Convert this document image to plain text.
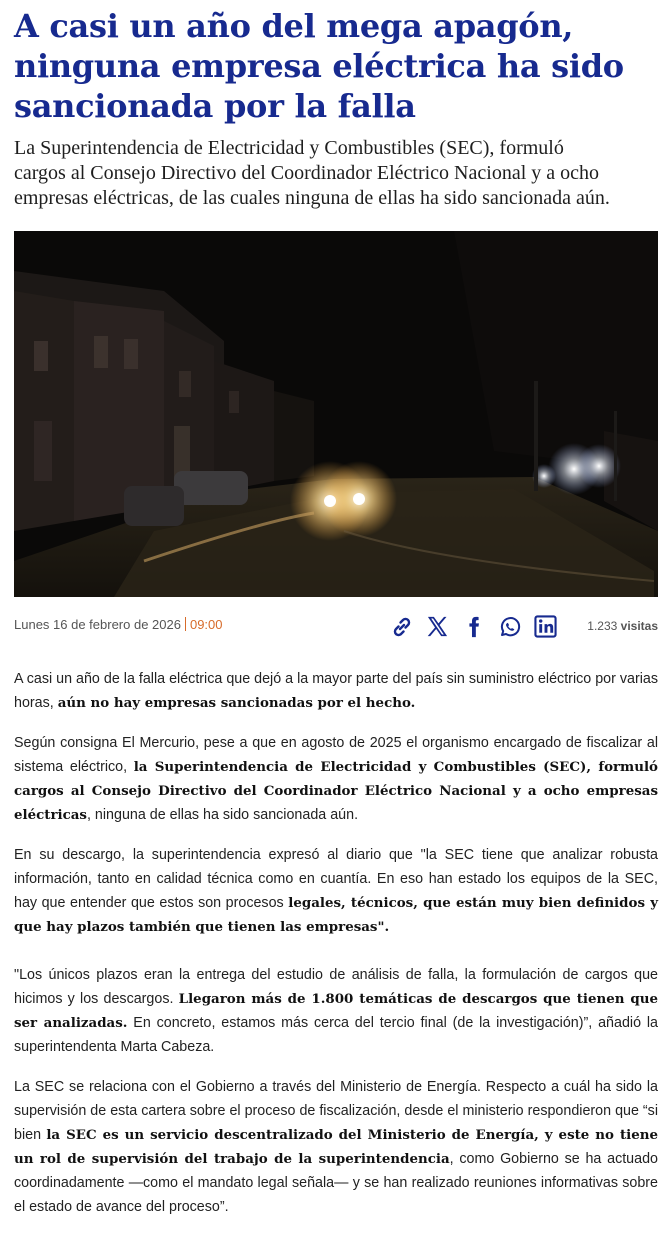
A casi un año del mega apagón, ninguna empresa eléctrica ha sido sancionada por la falla

La Superintendencia de Electricidad y Combustibles (SEC), formuló cargos al Consejo Directivo del Coordinador Eléctrico Nacional y a ocho empresas eléctricas, de las cuales ninguna de ellas ha sido sancionada aún.

Lunes 16 de febrero de 2026 09:00	1.233 visitas

A casi un año de la falla eléctrica que dejó a la mayor parte del país sin suministro eléctrico por varias horas, aún no hay empresas sancionadas por el hecho.

Según consigna El Mercurio, pese a que en agosto de 2025 el organismo encargado de fiscalizar al sistema eléctrico, la Superintendencia de Electricidad y Combustibles (SEC), formuló cargos al Consejo Directivo del Coordinador Eléctrico Nacional y a ocho empresas eléctricas, ninguna de ellas ha sido sancionada aún.

En su descargo, la superintendencia expresó al diario que "la SEC tiene que analizar robusta información, tanto en calidad técnica como en cuantía. En eso han estado los equipos de la SEC, hay que entender que estos son procesos legales, técnicos, que están muy bien definidos y que hay plazos también que tienen las empresas".

"Los únicos plazos eran la entrega del estudio de análisis de falla, la formulación de cargos que hicimos y los descargos. Llegaron más de 1.800 temáticas de descargos que tienen que ser analizadas. En concreto, estamos más cerca del tercio final (de la investigación)”, añadió la superintendenta Marta Cabeza.

La SEC se relaciona con el Gobierno a través del Ministerio de Energía. Respecto a cuál ha sido la supervisión de esta cartera sobre el proceso de fiscalización, desde el ministerio respondieron que “si bien la SEC es un servicio descentralizado del Ministerio de Energía, y este no tiene un rol de supervisión del trabajo de la superintendencia, como Gobierno se ha actuado coordinadamente —como el mandato legal señala— y se han realizado reuniones informativas sobre el estado de avance del proceso”.
